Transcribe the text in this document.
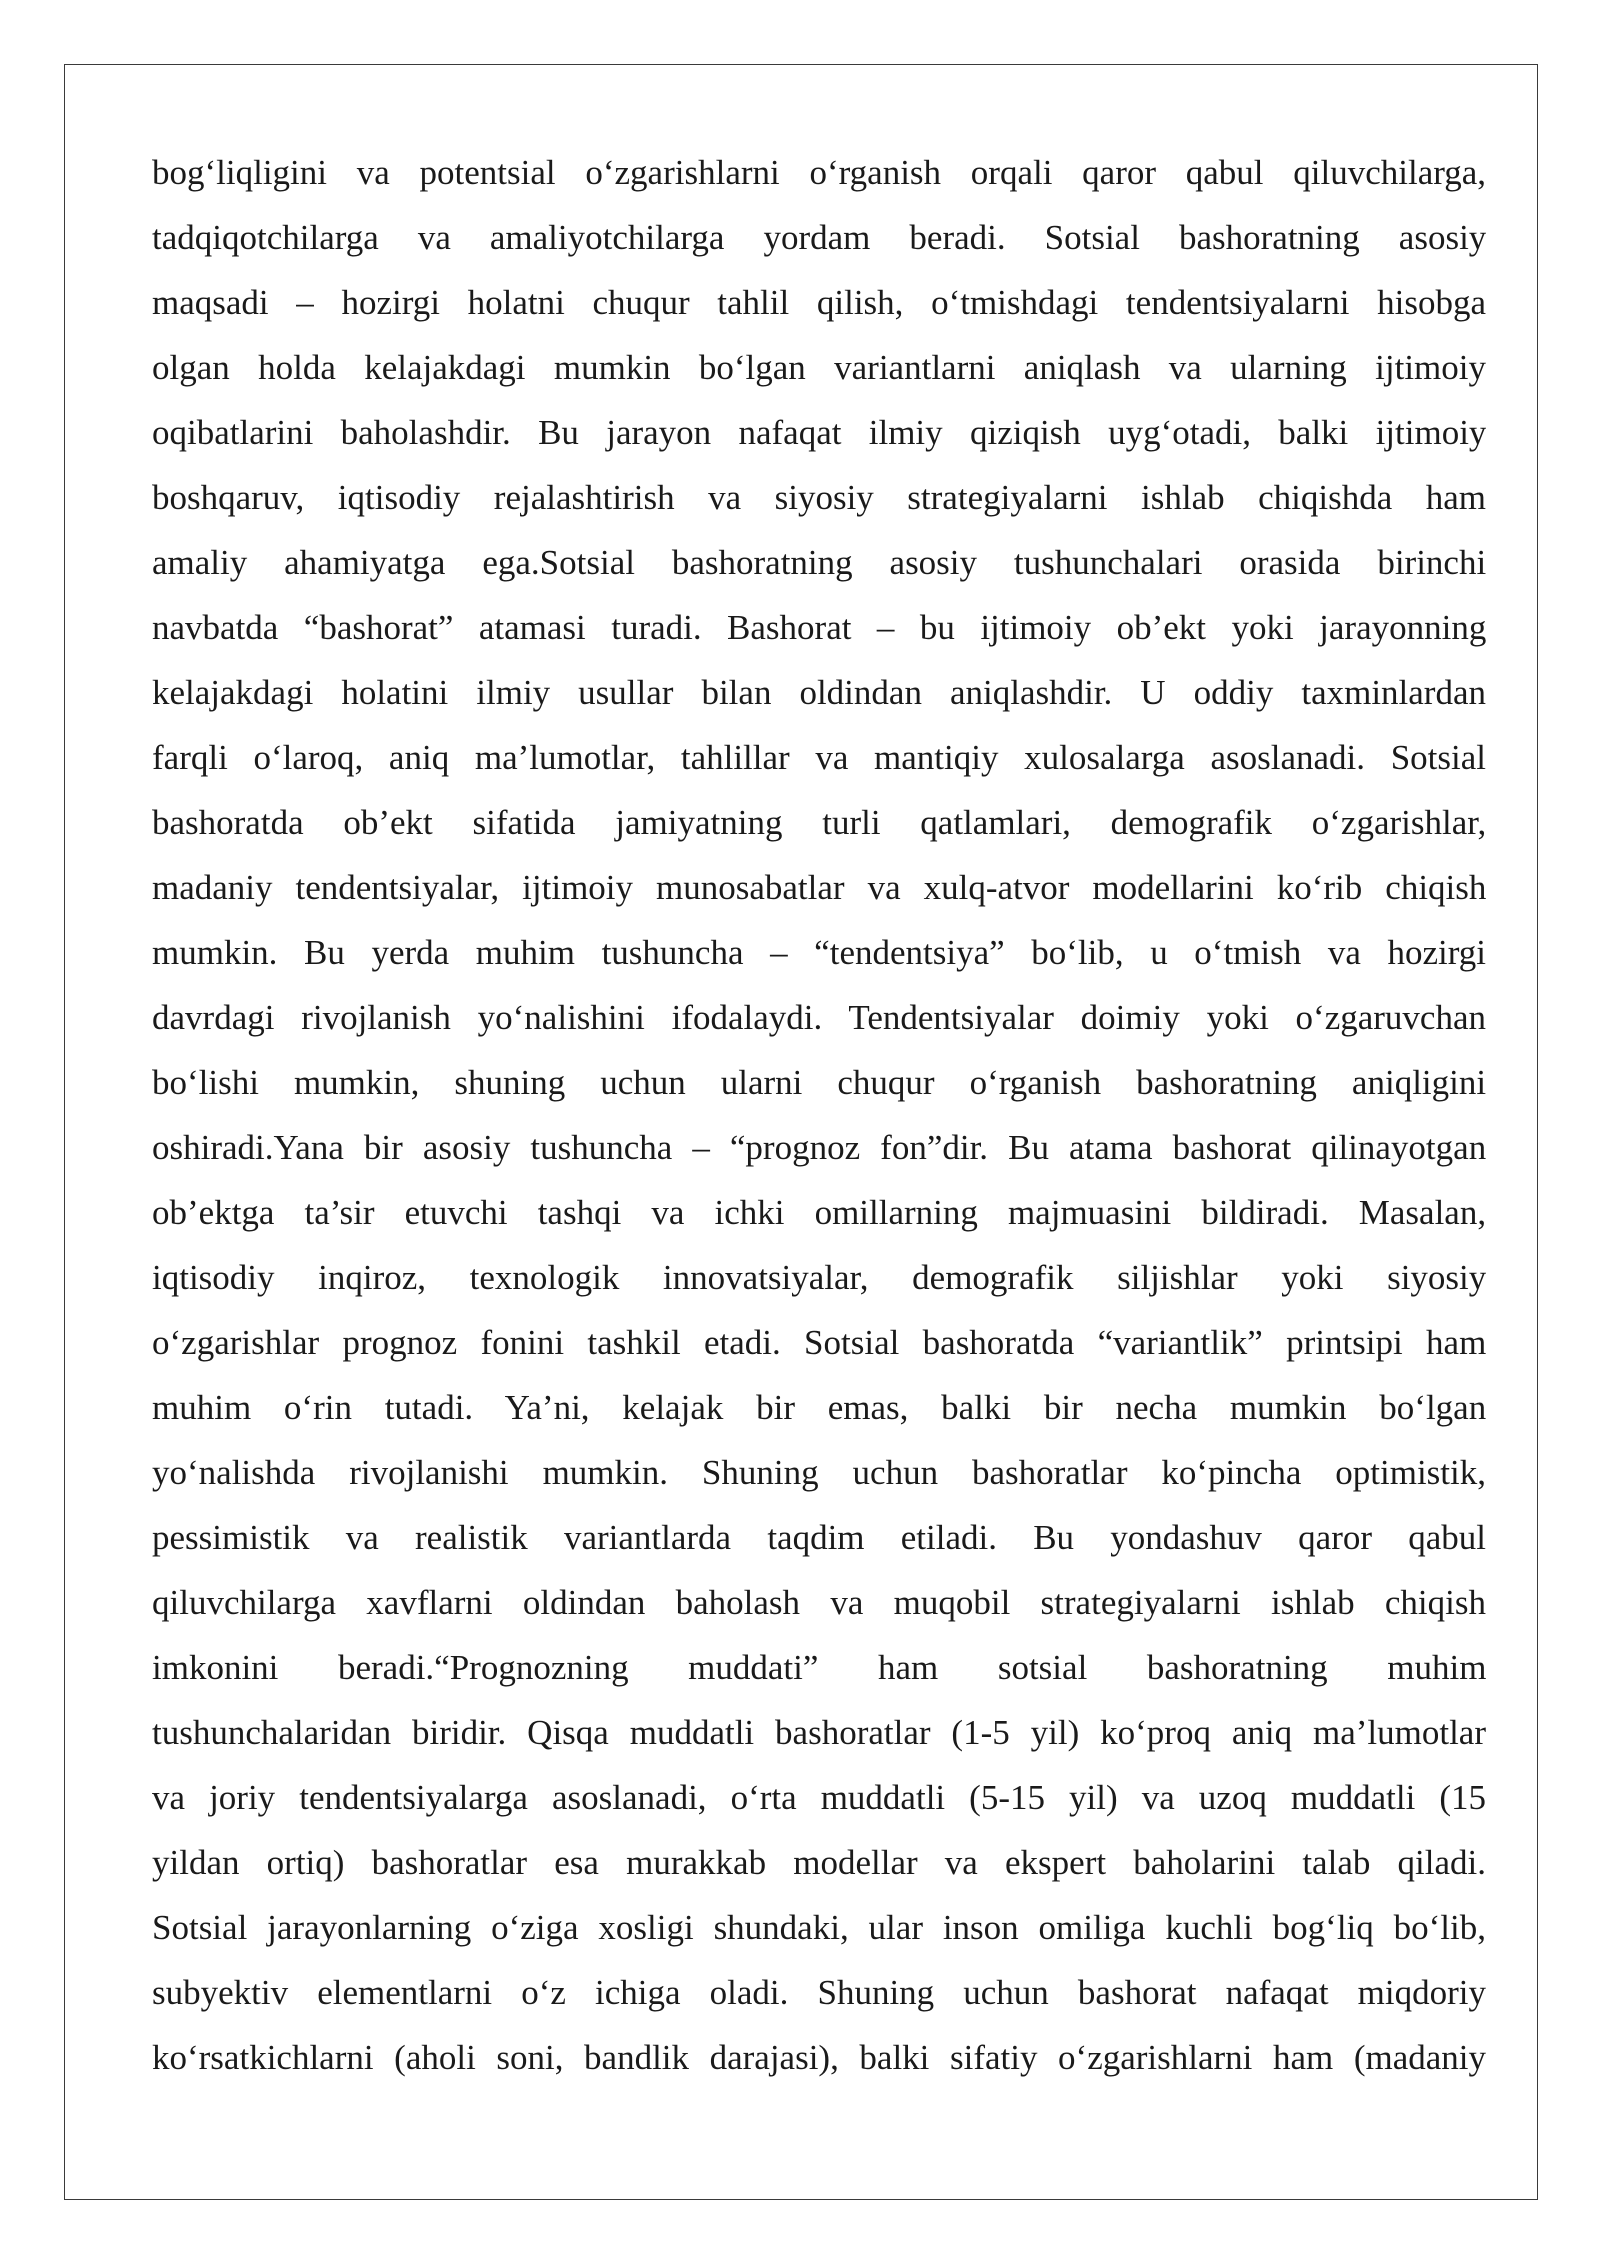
bog‘liqligini va potentsial o‘zgarishlarni o‘rganish orqali qaror qabul qiluvchilarga,
tadqiqotchilarga va amaliyotchilarga yordam beradi. Sotsial bashoratning asosiy
maqsadi – hozirgi holatni chuqur tahlil qilish, o‘tmishdagi tendentsiyalarni hisobga
olgan holda kelajakdagi mumkin bo‘lgan variantlarni aniqlash va ularning ijtimoiy
oqibatlarini baholashdir. Bu jarayon nafaqat ilmiy qiziqish uyg‘otadi, balki ijtimoiy
boshqaruv, iqtisodiy rejalashtirish va siyosiy strategiyalarni ishlab chiqishda ham
amaliy ahamiyatga ega.Sotsial bashoratning asosiy tushunchalari orasida birinchi
navbatda “bashorat” atamasi turadi. Bashorat – bu ijtimoiy ob’ekt yoki jarayonning
kelajakdagi holatini ilmiy usullar bilan oldindan aniqlashdir. U oddiy taxminlardan
farqli o‘laroq, aniq ma’lumotlar, tahlillar va mantiqiy xulosalarga asoslanadi. Sotsial
bashoratda ob’ekt sifatida jamiyatning turli qatlamlari, demografik o‘zgarishlar,
madaniy tendentsiyalar, ijtimoiy munosabatlar va xulq-atvor modellarini ko‘rib chiqish
mumkin. Bu yerda muhim tushuncha – “tendentsiya” bo‘lib, u o‘tmish va hozirgi
davrdagi rivojlanish yo‘nalishini ifodalaydi. Tendentsiyalar doimiy yoki o‘zgaruvchan
bo‘lishi mumkin, shuning uchun ularni chuqur o‘rganish bashoratning aniqligini
oshiradi.Yana bir asosiy tushuncha – “prognoz fon”dir. Bu atama bashorat qilinayotgan
ob’ektga ta’sir etuvchi tashqi va ichki omillarning majmuasini bildiradi. Masalan,
iqtisodiy inqiroz, texnologik innovatsiyalar, demografik siljishlar yoki siyosiy
o‘zgarishlar prognoz fonini tashkil etadi. Sotsial bashoratda “variantlik” printsipi ham
muhim o‘rin tutadi. Ya’ni, kelajak bir emas, balki bir necha mumkin bo‘lgan
yo‘nalishda rivojlanishi mumkin. Shuning uchun bashoratlar ko‘pincha optimistik,
pessimistik va realistik variantlarda taqdim etiladi. Bu yondashuv qaror qabul
qiluvchilarga xavflarni oldindan baholash va muqobil strategiyalarni ishlab chiqish
imkonini beradi.“Prognozning muddati” ham sotsial bashoratning muhim
tushunchalaridan biridir. Qisqa muddatli bashoratlar (1-5 yil) ko‘proq aniq ma’lumotlar
va joriy tendentsiyalarga asoslanadi, o‘rta muddatli (5-15 yil) va uzoq muddatli (15
yildan ortiq) bashoratlar esa murakkab modellar va ekspert baholarini talab qiladi.
Sotsial jarayonlarning o‘ziga xosligi shundaki, ular inson omiliga kuchli bog‘liq bo‘lib,
subyektiv elementlarni o‘z ichiga oladi. Shuning uchun bashorat nafaqat miqdoriy
ko‘rsatkichlarni (aholi soni, bandlik darajasi), balki sifatiy o‘zgarishlarni ham (madaniy
